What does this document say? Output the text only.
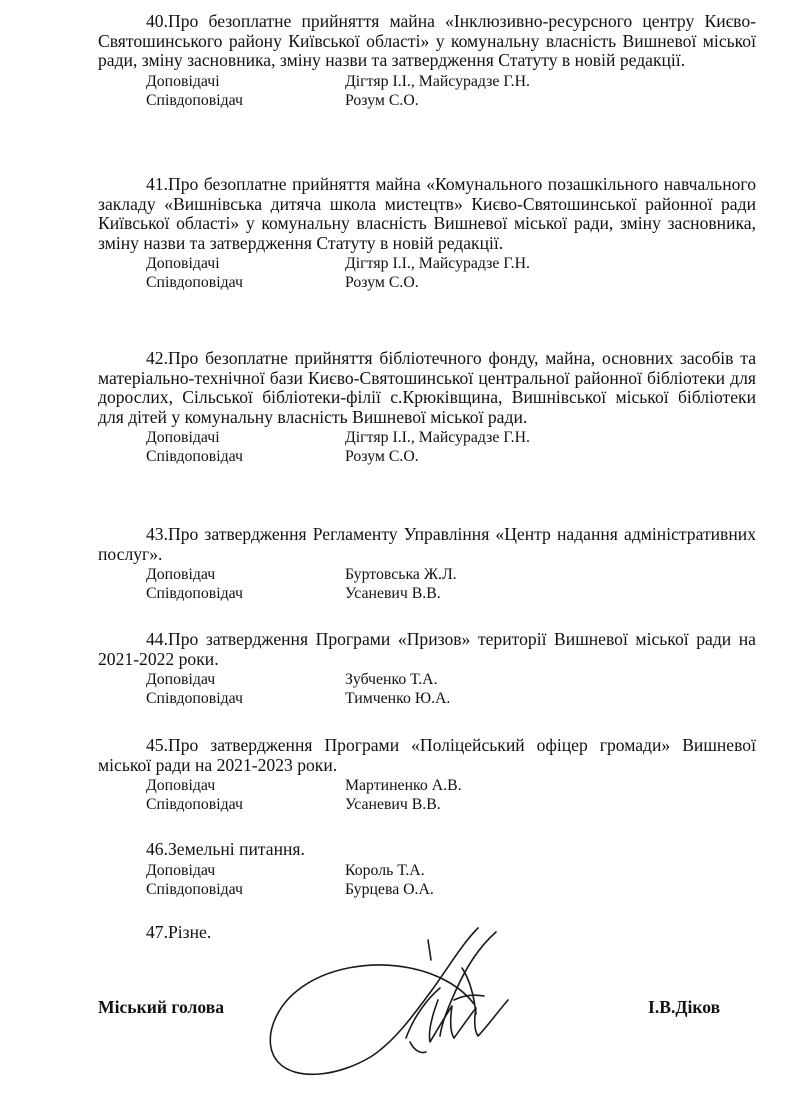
40.Про безоплатне прийняття майна «Інклюзивно-ресурсного центру Києво-Святошинського району Київської області» у комунальну власність Вишневої міської ради, зміну засновника, зміну назви та затвердження Статуту в новій редакції.

Доповідачі	Дігтяр І.І., Майсурадзе Г.Н.
Співдоповідач	Розум С.О.

41.Про безоплатне прийняття майна «Комунального позашкільного навчального закладу «Вишнівська дитяча школа мистецтв» Києво-Святошинської районної ради Київської області» у комунальну власність Вишневої міської ради, зміну засновника, зміну назви та затвердження Статуту в новій редакції.

Доповідачі	Дігтяр І.І., Майсурадзе Г.Н.
Співдоповідач	Розум С.О.

42.Про безоплатне прийняття бібліотечного фонду, майна, основних засобів та матеріально-технічної бази Києво-Святошинської центральної районної бібліотеки для дорослих, Сільської бібліотеки-філії с.Крюківщина, Вишнівської міської бібліотеки для дітей у комунальну власність Вишневої міської ради.

Доповідачі	Дігтяр І.І., Майсурадзе Г.Н.
Співдоповідач	Розум С.О.

43.Про затвердження Регламенту Управління «Центр надання адміністративних послуг».

Доповідач	Буртовська Ж.Л.
Співдоповідач	Усаневич В.В.

44.Про затвердження Програми «Призов» території Вишневої міської ради на 2021-2022 роки.

Доповідач	Зубченко Т.А.
Співдоповідач	Тимченко Ю.А.

45.Про затвердження Програми «Поліцейський офіцер громади» Вишневої міської ради на 2021-2023 роки.

Доповідач	Мартиненко А.В.
Співдоповідач	Усаневич В.В.

46.Земельні питання.

Доповідач	Король Т.А.
Співдоповідач	Бурцева О.А.
47.Різне.
Міський голова	І.В.Діков
